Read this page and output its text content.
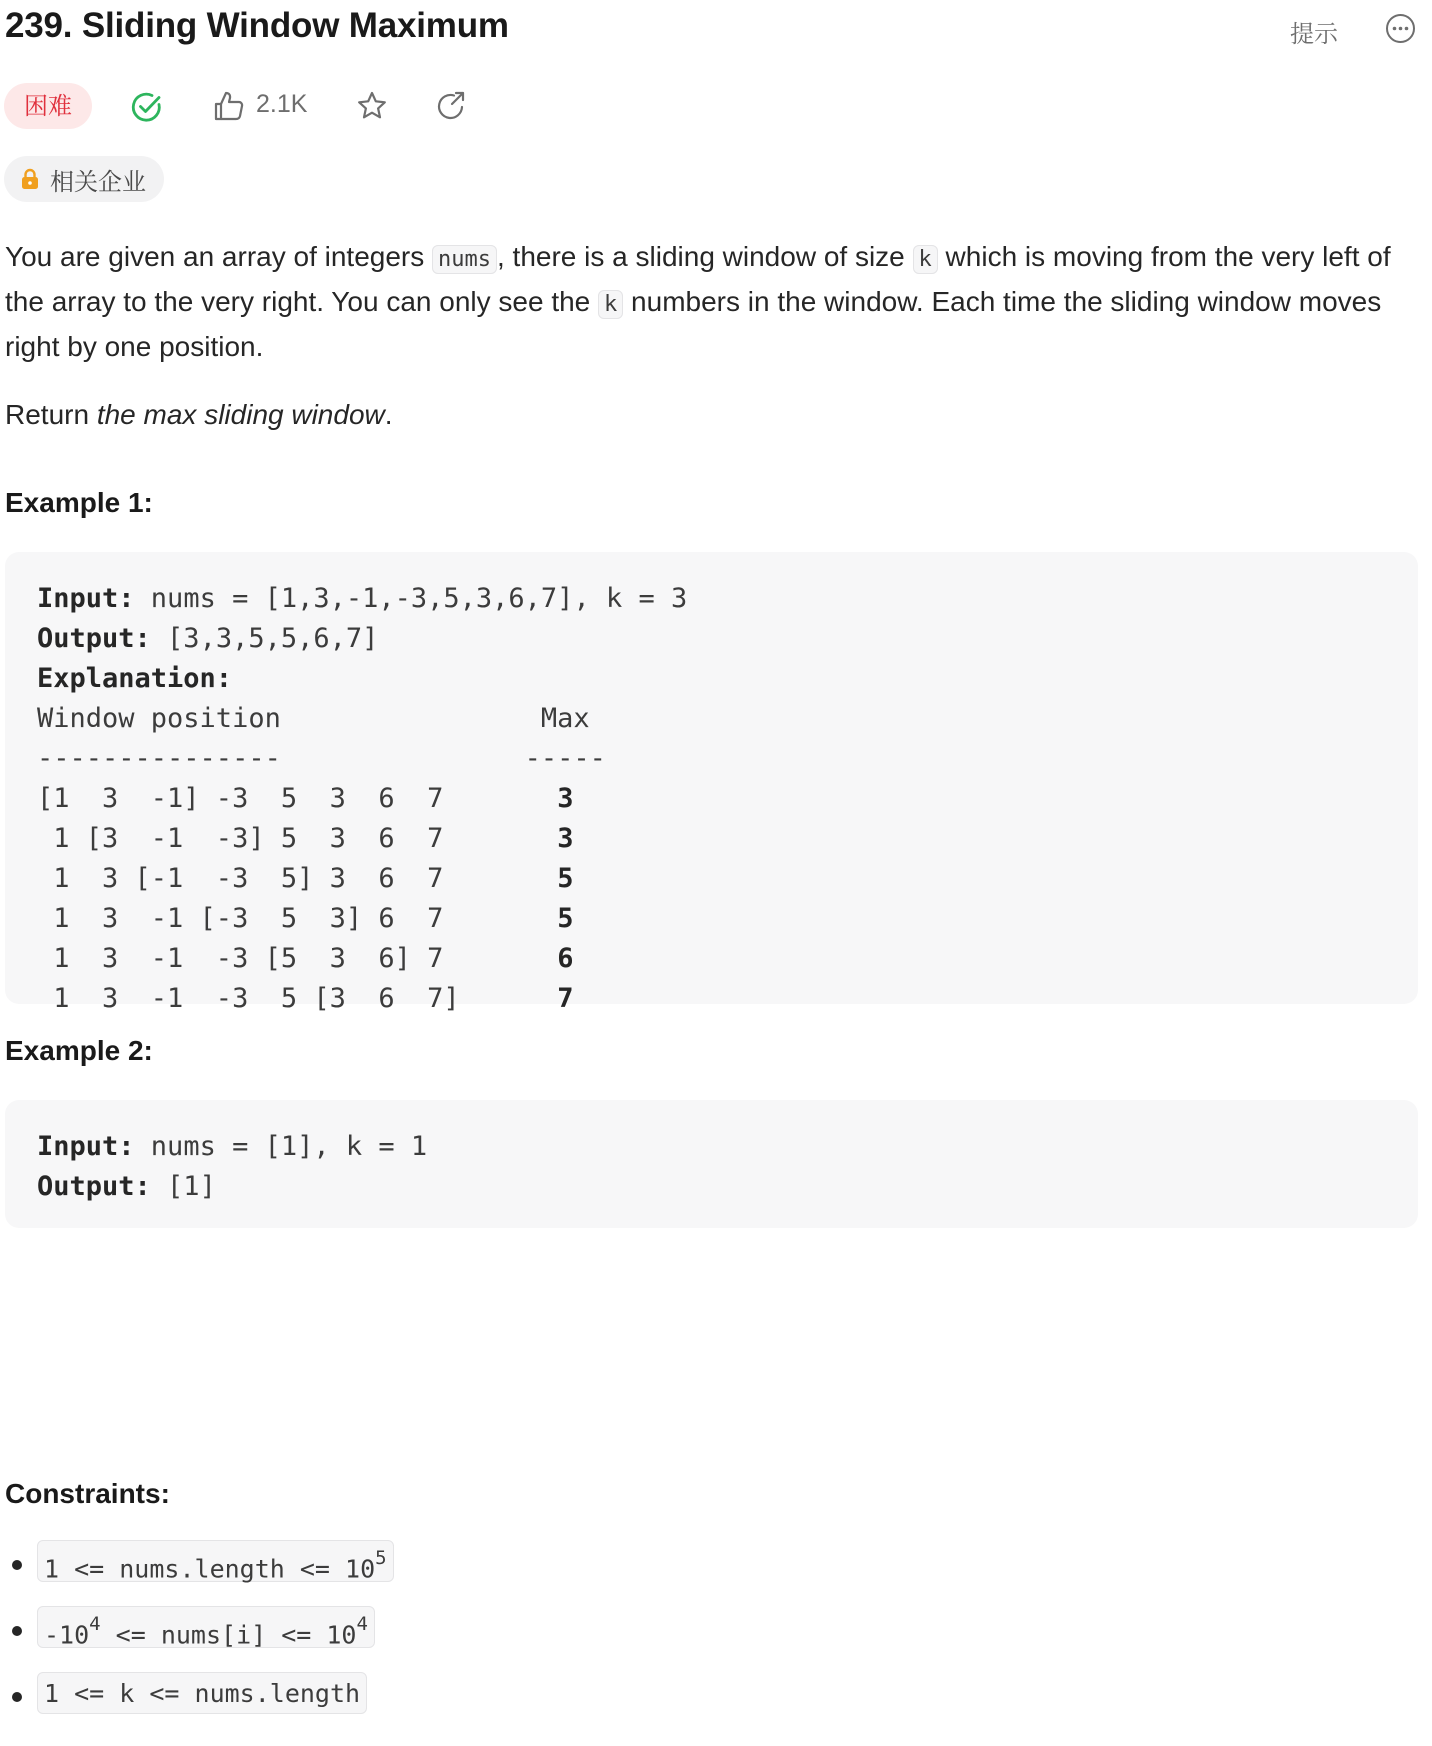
239. Sliding Window Maximum	提示
困难	2.1K
相关企业

You are given an array of integers nums , there is a sliding window of size k which is moving from the very left of the array to the very right. You can only see the k numbers in the window. Each time the sliding window moves right by one position.

Return the max sliding window.

Example 1:
Input: nums = [1,3,-1,-3,5,3,6,7], k = 3
Output: [3,3,5,5,6,7]
Explanation:
Window position                Max
---------------               -----
[1  3  -1] -3  5  3  6  7	3
1 [3  -1  -3] 5  3  6  7	3
1  3 [-1  -3  5] 3  6  7	5
1  3  -1 [-3  5  3] 6  7	5
1  3  -1  -3 [5  3  6] 7	6
1  3  -1  -3  5 [3  6  7]	7
Example 2:
Input: nums = [1], k = 1
Output: [1]
Constraints:
1 <= nums.length <= $10^5$
$-10^4$ <= nums[i] <= $10^4$
1 <= k <= nums.length
